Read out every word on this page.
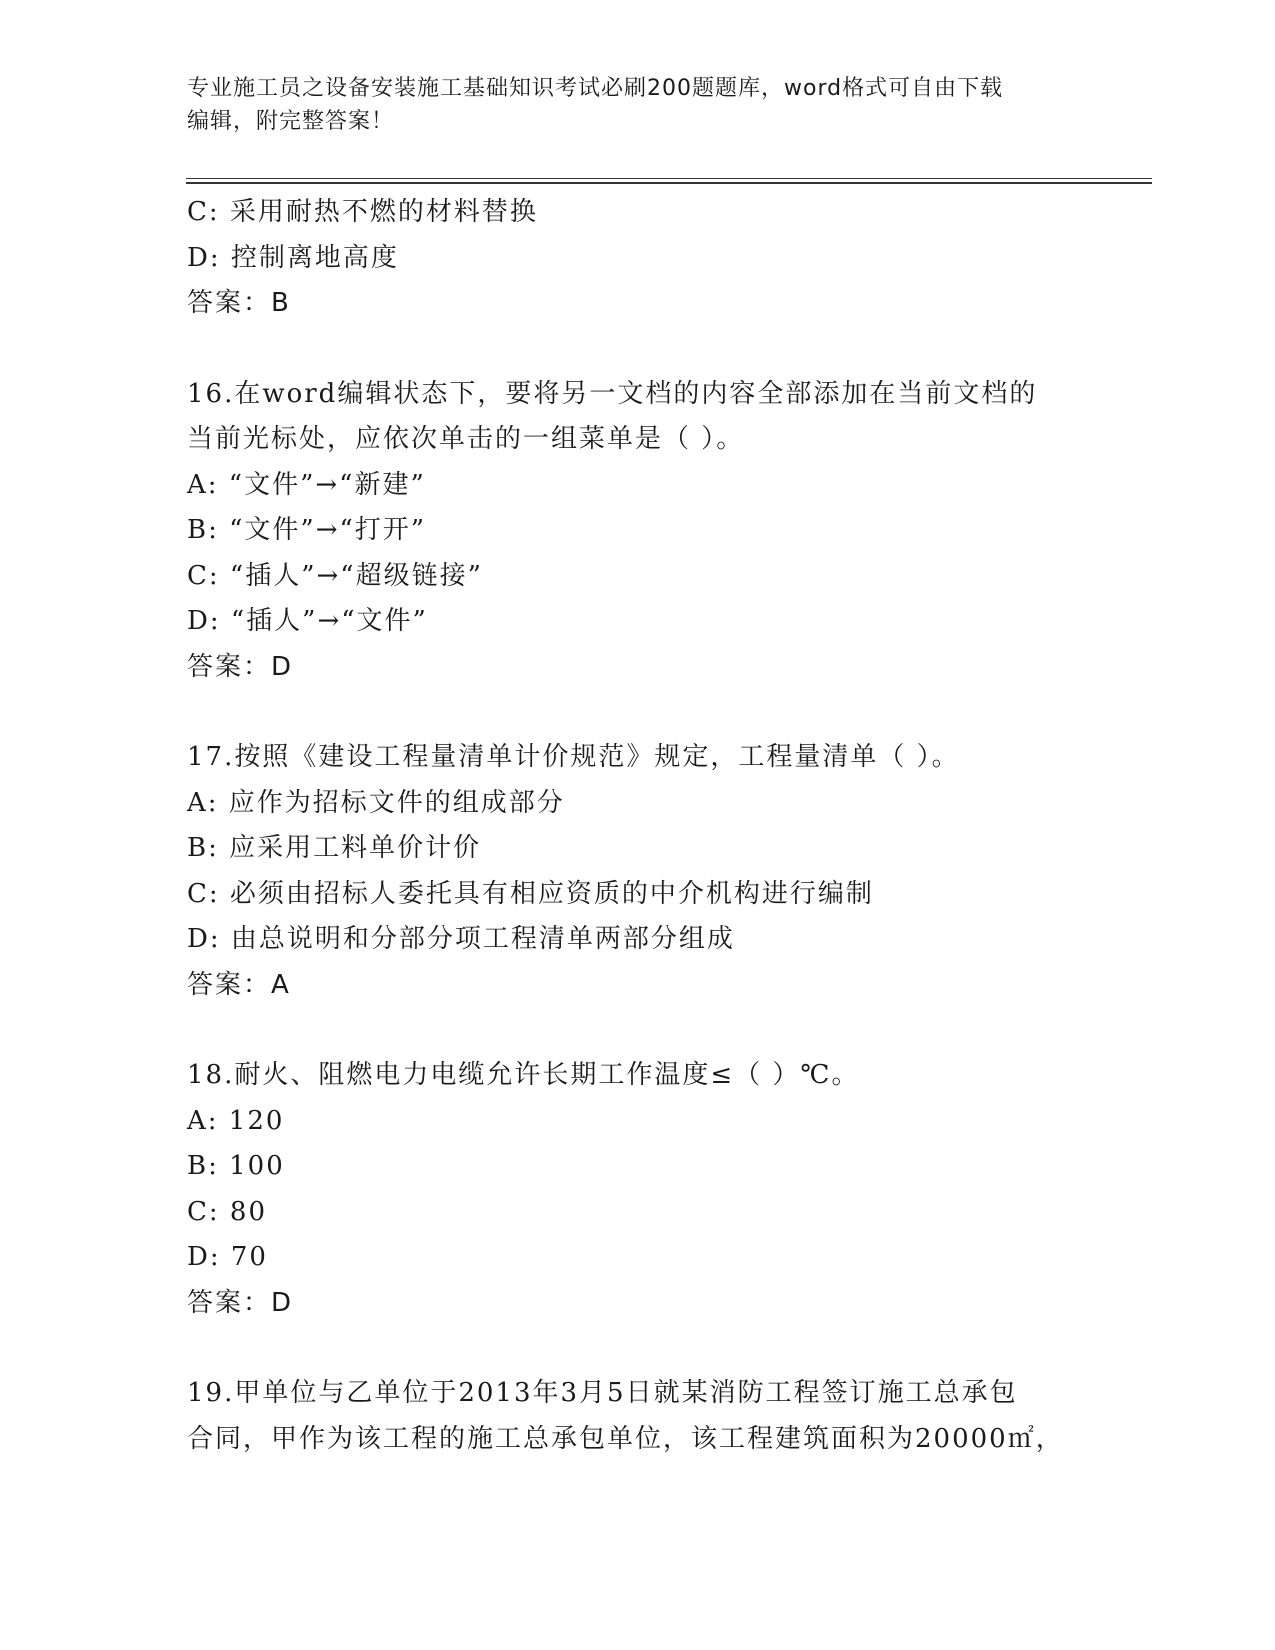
专业施工员之设备安装施工基础知识考试必刷200题题库，word格式可自由下载
编辑，附完整答案！
C: 采用耐热不燃的材料替换
D: 控制离地高度
答案：B
16.在word编辑状态下，要将另一文档的内容全部添加在当前文档的
当前光标处，应依次单击的一组菜单是（ ）。
A: “文件”→“新建”
B: “文件”→“打开”
C: “插人”→“超级链接”
D: “插人”→“文件”
答案：D
17.按照《建设工程量清单计价规范》规定，工程量清单（ ）。
A: 应作为招标文件的组成部分
B: 应采用工料单价计价
C: 必须由招标人委托具有相应资质的中介机构进行编制
D: 由总说明和分部分项工程清单两部分组成
答案：A
18.耐火、阻燃电力电缆允许长期工作温度≤（ ）℃。
A: 120
B: 100
C: 80
D: 70
答案：D
19.甲单位与乙单位于2013年3月5日就某消防工程签订施工总承包
合同，甲作为该工程的施工总承包单位，该工程建筑面积为20000㎡，
